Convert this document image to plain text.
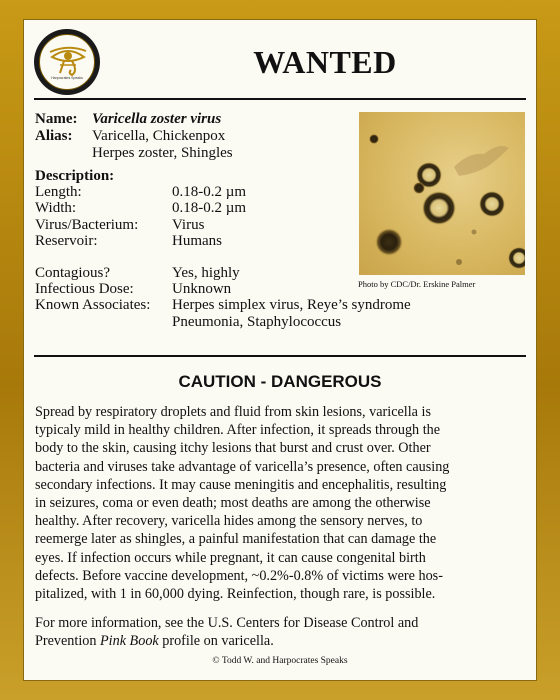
Harpocrates Speaks	WANTED
Name: Varicella zoster virus
Alias: Varicella, Chickenpox
Herpes zoster, Shingles
Description:
Length:	0.18-0.2 µm
Width:	0.18-0.2 µm
Virus/Bacterium: Virus
Reservoir:	Humans
Contagious?	Yes, highly
Infectious Dose:	Unknown
Known Associates: Herpes simplex virus, Reye’s syndrome
Pneumonia, Staphylococcus
Photo by CDC/Dr. Erskine Palmer
CAUTION - DANGEROUS
Spread by respiratory droplets and fluid from skin lesions, varicella is
typicaly mild in healthy children. After infection, it spreads through the
body to the skin, causing itchy lesions that burst and crust over. Other
bacteria and viruses take advantage of varicella’s presence, often causing
secondary infections. It may cause meningitis and encephalitis, resulting
in seizures, coma or even death; most deaths are among the otherwise
healthy. After recovery, varicella hides among the sensory nerves, to
reemerge later as shingles, a painful manifestation that can damage the
eyes. If infection occurs while pregnant, it can cause congenital birth
defects. Before vaccine development, ~0.2%-0.8% of victims were hos-
pitalized, with 1 in 60,000 dying. Reinfection, though rare, is possible.
For more information, see the U.S. Centers for Disease Control and
Prevention Pink Book profile on varicella.
© Todd W. and Harpocrates Speaks
